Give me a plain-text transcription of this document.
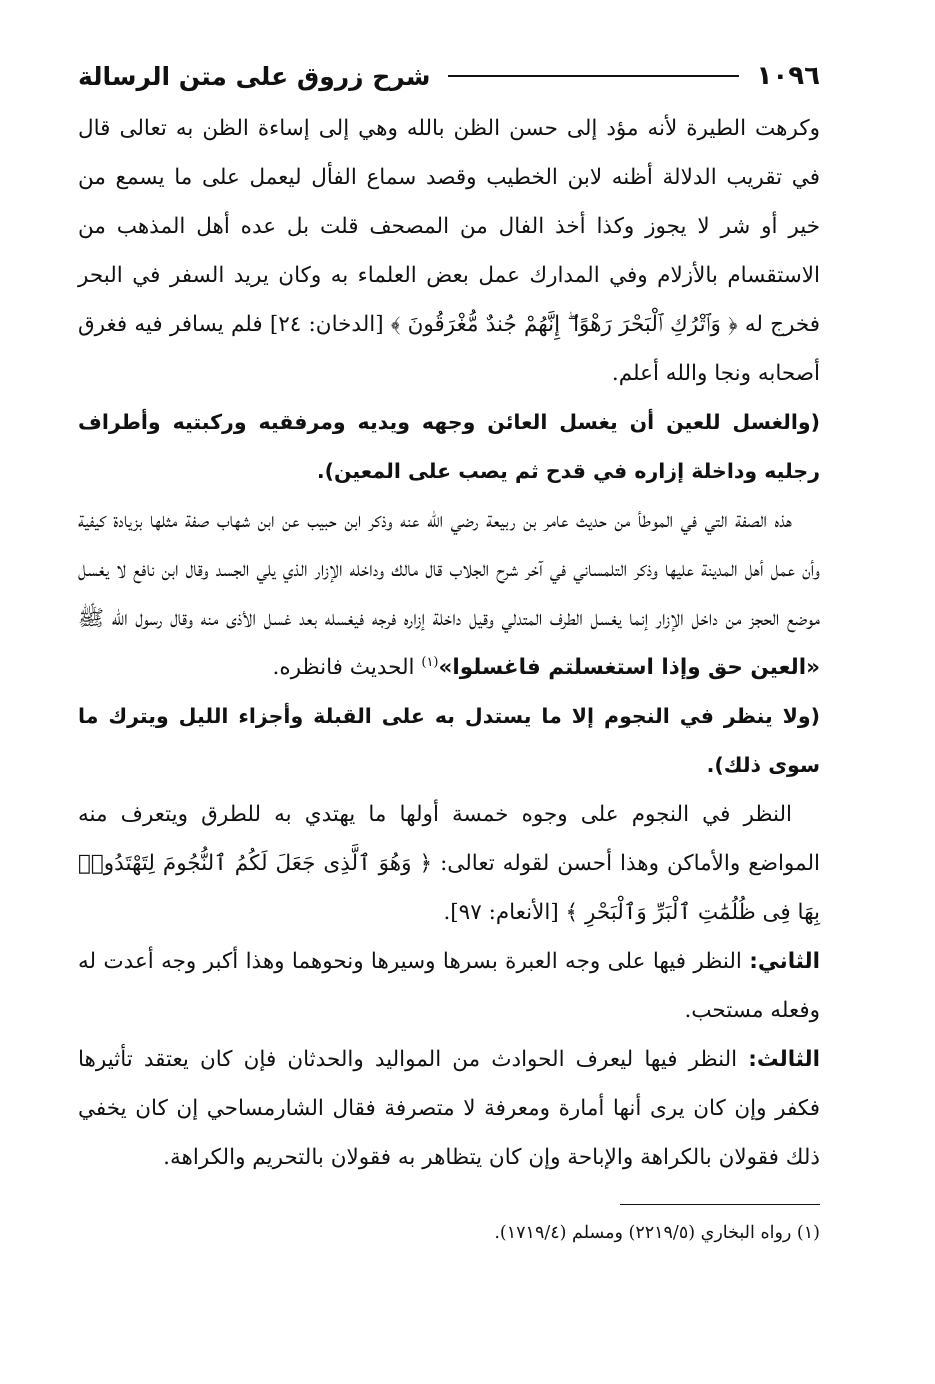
١٠٩٦
شرح زروق على متن الرسالة

وكرهت الطيرة لأنه مؤد إلى حسن الظن بالله وهي إلى إساءة الظن به تعالى قال في تقريب الدلالة أظنه لابن الخطيب وقصد سماع الفأل ليعمل على ما يسمع من خير أو شر لا يجوز وكذا أخذ الفال من المصحف قلت بل عده أهل المذهب من الاستقسام بالأزلام وفي المدارك عمل بعض العلماء به وكان يريد السفر في البحر فخرج له ﴿ وَٱتْرُكِ ٱلْبَحْرَ رَهْوًا ۖ إِنَّهُمْ جُندٌ مُّغْرَقُونَ ﴾ [الدخان: ٢٤] فلم يسافر فيه فغرق أصحابه ونجا والله أعلم.

(والغسل للعين أن يغسل العائن وجهه ويديه ومرفقيه وركبتيه وأطراف رجليه وداخلة إزاره في قدح ثم يصب على المعين).

هذه الصفة التي في الموطأ من حديث عامر بن ربيعة رضي الله عنه وذكر ابن حبيب عن ابن شهاب صفة مثلها بزيادة كيفية وأن عمل أهل المدينة عليها وذكر التلمساني في آخر شرح الجلاب قال مالك وداخله الإزار الذي يلي الجسد وقال ابن نافع لا يغسل موضع الحجز من داخل الإزار إنما يغسل الطرف المتدلي وقيل داخلة إزاره فرجه فيغسله بعد غسل الأذى منه وقال رسول الله ﷺ «العين حق وإذا استغسلتم فاغسلوا»$^{(١)}$ الحديث فانظره.

(ولا ينظر في النجوم إلا ما يستدل به على القبلة وأجزاء الليل ويترك ما سوى ذلك).

النظر في النجوم على وجوه خمسة أولها ما يهتدي به للطرق ويتعرف منه المواضع والأماكن وهذا أحسن لقوله تعالى: ﴿ وَهُوَ ٱلَّذِى جَعَلَ لَكُمُ ٱلنُّجُومَ لِتَهْتَدُوا۟ بِهَا فِى ظُلُمَٰتِ ٱلْبَرِّ وَٱلْبَحْرِ ﴾ [الأنعام: ٩٧].

الثاني: النظر فيها على وجه العبرة بسرها وسيرها ونحوهما وهذا أكبر وجه أعدت له وفعله مستحب.

الثالث: النظر فيها ليعرف الحوادث من المواليد والحدثان فإن كان يعتقد تأثيرها فكفر وإن كان يرى أنها أمارة ومعرفة لا متصرفة فقال الشارمساحي إن كان يخفي ذلك فقولان بالكراهة والإباحة وإن كان يتظاهر به فقولان بالتحريم والكراهة.

(١) رواه البخاري (٢٢١٩/٥) ومسلم (١٧١٩/٤).
